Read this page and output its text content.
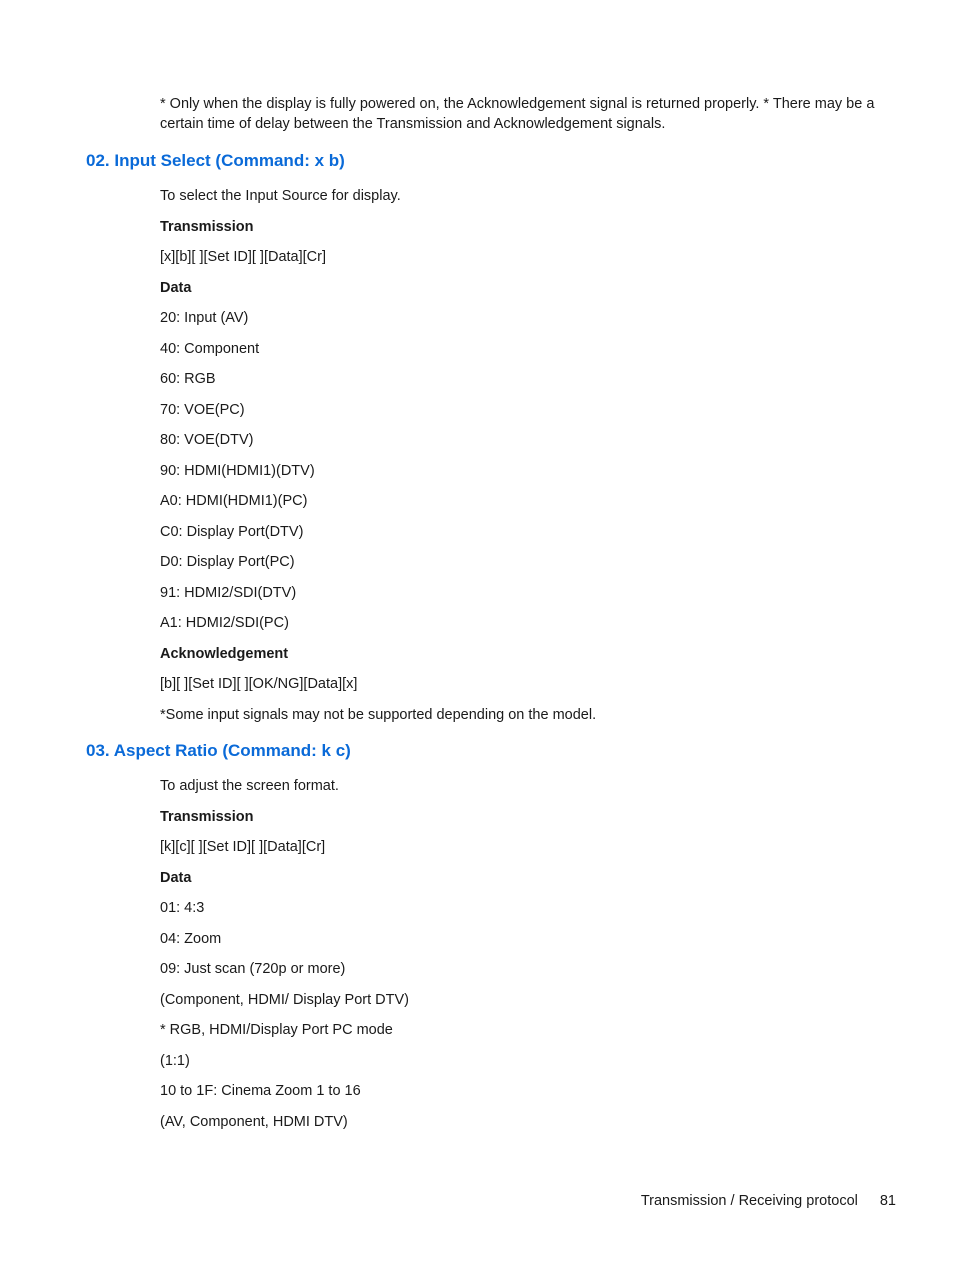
* Only when the display is fully powered on, the Acknowledgement signal is returned properly. * There may be a certain time of delay between the Transmission and Acknowledgement signals.

02. Input Select (Command: x b)
To select the Input Source for display.
Transmission
[x][b][ ][Set ID][ ][Data][Cr]
Data
20: Input (AV)
40: Component
60: RGB
70: VOE(PC)
80: VOE(DTV)
90: HDMI(HDMI1)(DTV)
A0: HDMI(HDMI1)(PC)
C0: Display Port(DTV)
D0: Display Port(PC)
91: HDMI2/SDI(DTV)
A1: HDMI2/SDI(PC)
Acknowledgement
[b][ ][Set ID][ ][OK/NG][Data][x]
*Some input signals may not be supported depending on the model.
03. Aspect Ratio (Command: k c)
To adjust the screen format.
Transmission
[k][c][ ][Set ID][ ][Data][Cr]
Data
01: 4:3
04: Zoom
09: Just scan (720p or more)
(Component, HDMI/ Display Port DTV)
* RGB, HDMI/Display Port PC mode
(1:1)
10 to 1F: Cinema Zoom 1 to 16
(AV, Component, HDMI DTV)
Transmission / Receiving protocol 81
